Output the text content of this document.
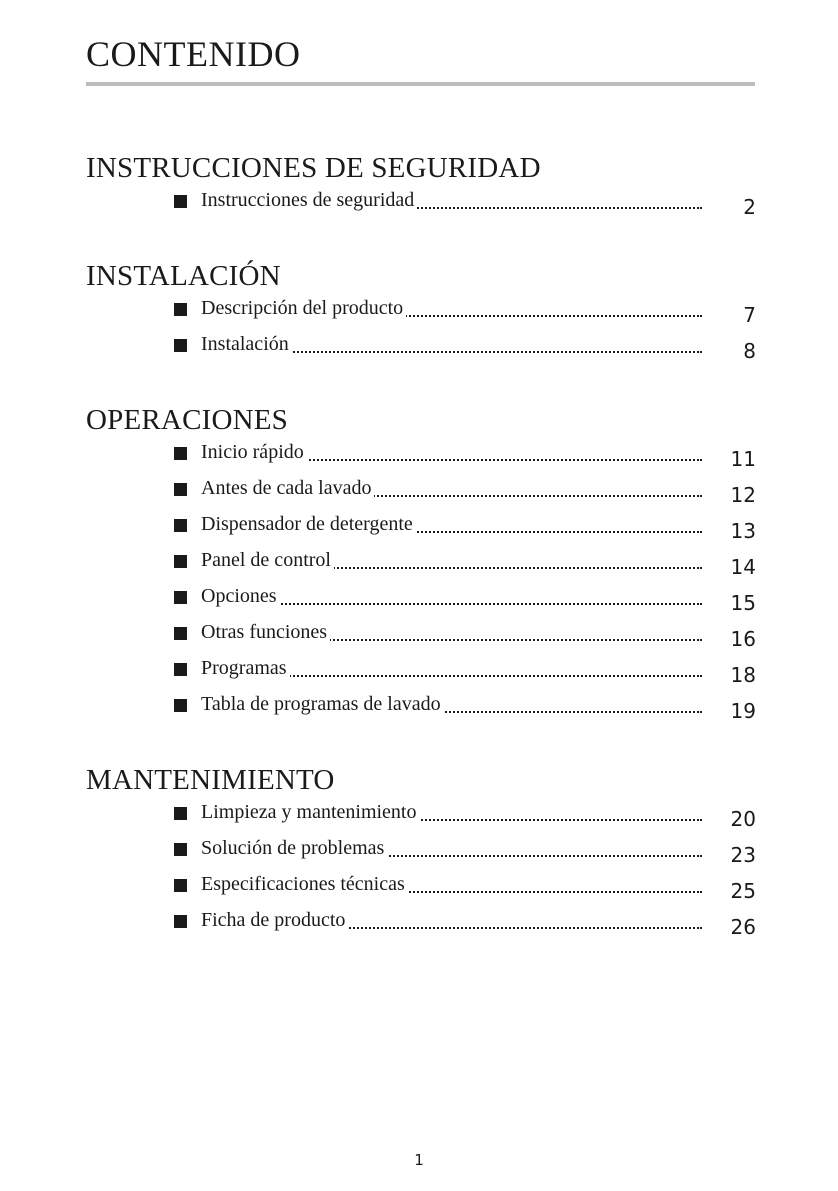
CONTENIDO
INSTRUCCIONES DE SEGURIDAD
Instrucciones de seguridad	2
INSTALACIÓN
Descripción del producto	7
Instalación	8
OPERACIONES
Inicio rápido	11
Antes de cada lavado	12
Dispensador de detergente	13
Panel de control	14
Opciones	15
Otras funciones	16
Programas	18
Tabla de programas de lavado	19
MANTENIMIENTO
Limpieza y mantenimiento	20
Solución de problemas	23
Especificaciones técnicas	25
Ficha de producto	26
1
